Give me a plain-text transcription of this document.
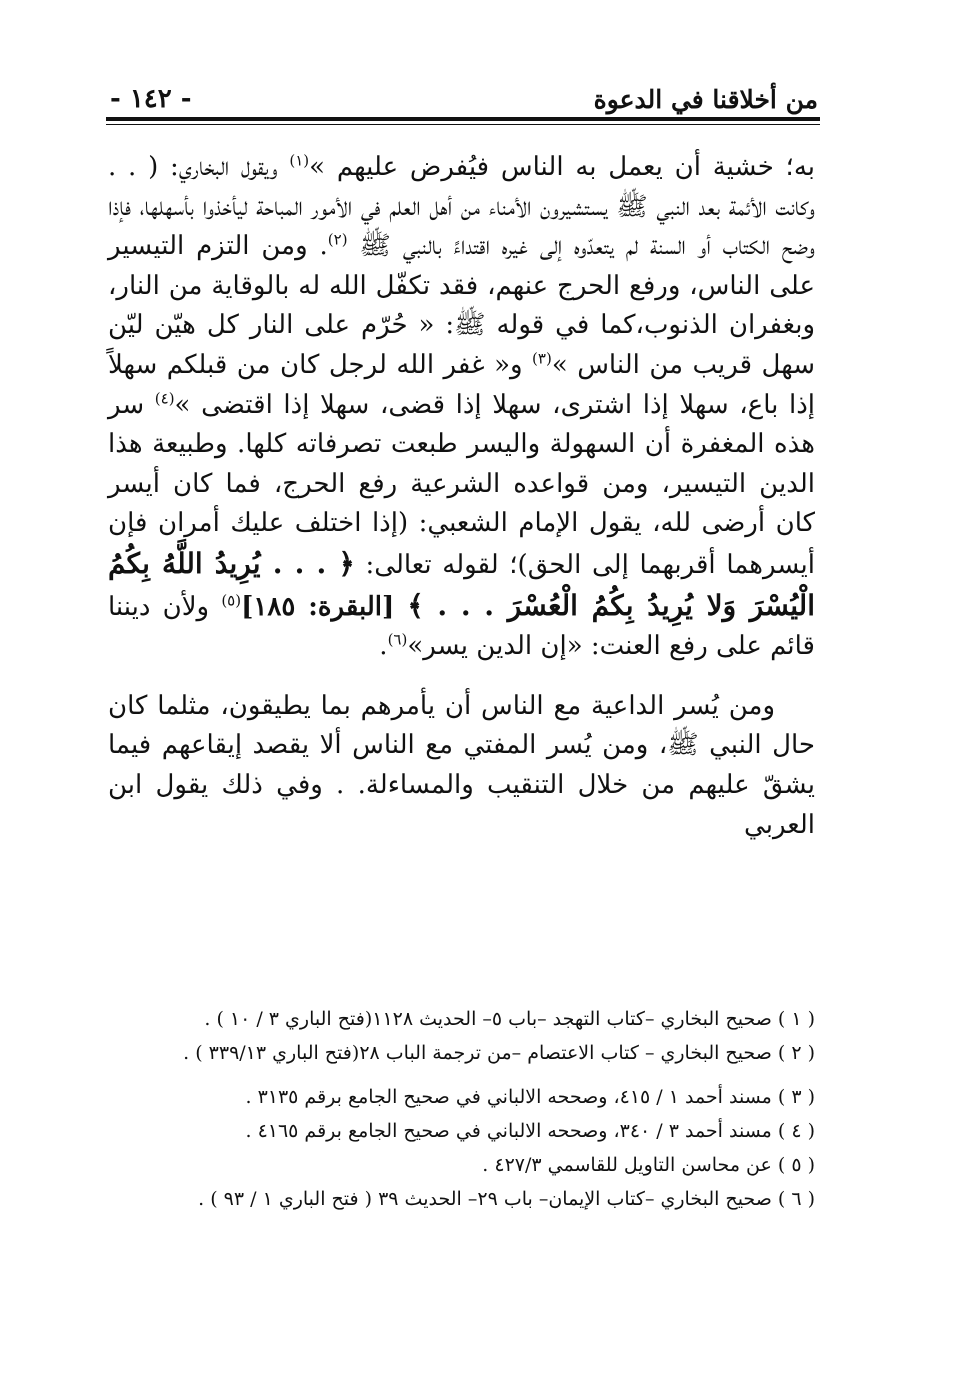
من أخلاقنا في الدعوة
- ١٤٢ -

به؛ خشية أن يعمل به الناس فيُفرض عليهم »$^{(١)}$ ويقول البخاري: ( . . وكانت الأئمة بعد النبي ﷺ يستشيرون الأمناء من أهل العلم في الأمور المباحة ليأخذوا بأسهلها، فإذا وضح الكتاب أو السنة لم يتعدّوه إلى غيره اقتداءً بالنبي ﷺ $^{(٢)}$. ومن التزم التيسير على الناس، ورفع الحرج عنهم، فقد تكفّل الله له بالوقاية من النار، وبغفران الذنوب،كما في قوله ﷺ: « حُرّم على النار كل هيّن ليّن سهل قريب من الناس »$^{(٣)}$ و« غفر الله لرجل كان من قبلكم سهلاً إذا باع، سهلا إذا اشترى، سهلا إذا قضى، سهلا إذا اقتضى »$^{(٤)}$ سر هذه المغفرة أن السهولة واليسر طبعت تصرفاته كلها. وطبيعة هذا الدين التيسير، ومن قواعده الشرعية رفع الحرج، فما كان أيسر كان أرضى لله، يقول الإمام الشعبي: (إذا اختلف عليك أمران فإن أيسرهما أقربهما إلى الحق)؛ لقوله تعالى: ﴿ . . . يُرِيدُ اللَّهُ بِكُمُ الْيُسْرَ وَلا يُرِيدُ بِكُمُ الْعُسْرَ . . . ﴾ [البقرة: ١٨٥]$^{(٥)}$ ولأن ديننا قائم على رفع العنت: «إن الدين يسر»$^{(٦)}$.

ومن يُسر الداعية مع الناس أن يأمرهم بما يطيقون، مثلما كان حال النبي ﷺ، ومن يُسر المفتي مع الناس ألا يقصد إيقاعهم فيما يشقّ عليهم من خلال التنقيب والمساءلة. . وفي ذلك يقول ابن العربي

( ١ ) صحيح البخاري –كتاب التهجد –باب ٥– الحديث ١١٢٨(فتح الباري ٣ / ١٠ ) .

( ٢ ) صحيح البخاري – كتاب الاعتصام –من ترجمة الباب ٢٨(فتح الباري ٣٣٩/١٣ ) .

( ٣ ) مسند أحمد ١ / ٤١٥، وصححه الالباني في صحيح الجامع برقم ٣١٣٥ .

( ٤ ) مسند أحمد ٣ / ٣٤٠، وصححه الالباني في صحيح الجامع برقم ٤١٦٥ .

( ٥ ) عن محاسن التاويل للقاسمي ٤٢٧/٣ .

( ٦ ) صحيح البخاري –كتاب الإيمان– باب ٢٩– الحديث ٣٩ ( فتح الباري ١ / ٩٣ ) .
